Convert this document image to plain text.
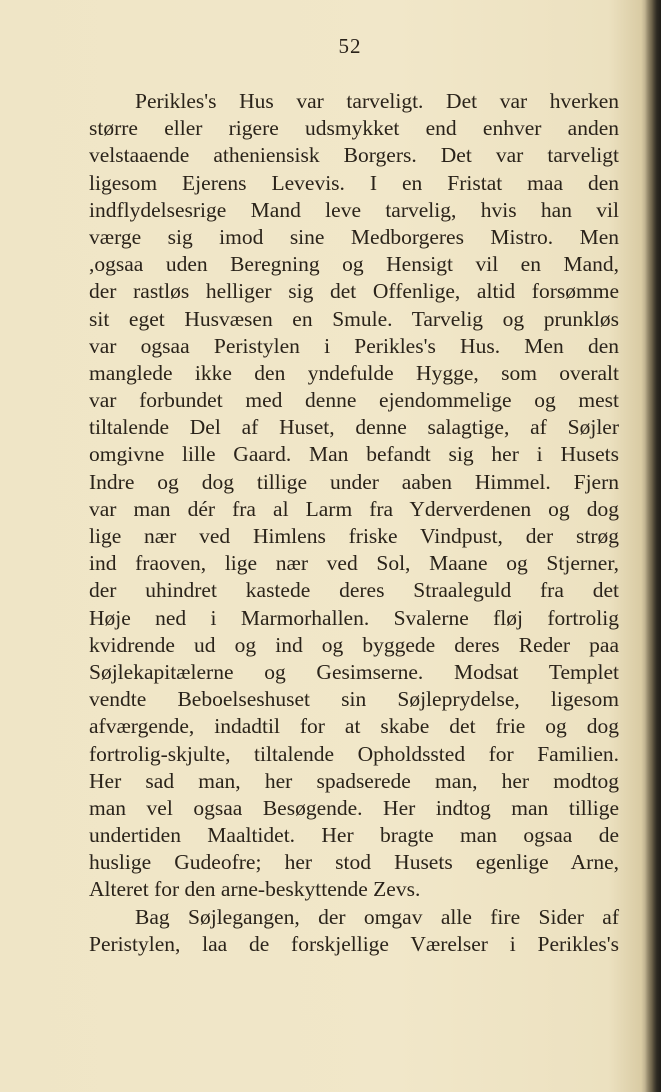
52
Perikles's Hus var tarveligt. Det var hverken
større eller rigere udsmykket end enhver anden
velstaaende atheniensisk Borgers. Det var tarveligt
ligesom Ejerens Levevis. I en Fristat maa den
indflydelsesrige Mand leve tarvelig, hvis han vil
værge sig imod sine Medborgeres Mistro. Men
,ogsaa uden Beregning og Hensigt vil en Mand,
der rastløs helliger sig det Offenlige, altid forsømme
sit eget Husvæsen en Smule. Tarvelig og prunkløs
var ogsaa Peristylen i Perikles's Hus. Men den
manglede ikke den yndefulde Hygge, som overalt
var forbundet med denne ejendommelige og mest
tiltalende Del af Huset, denne salagtige, af Søjler
omgivne lille Gaard. Man befandt sig her i Husets
Indre og dog tillige under aaben Himmel. Fjern
var man dér fra al Larm fra Yderverdenen og dog
lige nær ved Himlens friske Vindpust, der strøg
ind fraoven, lige nær ved Sol, Maane og Stjerner,
der uhindret kastede deres Straaleguld fra det
Høje ned i Marmorhallen. Svalerne fløj fortrolig
kvidrende ud og ind og byggede deres Reder paa
Søjlekapitælerne og Gesimserne. Modsat Templet
vendte Beboelseshuset sin Søjleprydelse, ligesom
afværgende, indadtil for at skabe det frie og dog
fortrolig-skjulte, tiltalende Opholdssted for Familien.
Her sad man, her spadserede man, her modtog
man vel ogsaa Besøgende. Her indtog man tillige
undertiden Maaltidet. Her bragte man ogsaa de
huslige Gudeofre; her stod Husets egenlige Arne,
Alteret for den arne-beskyttende Zevs.
Bag Søjlegangen, der omgav alle fire Sider af
Peristylen, laa de forskjellige Værelser i Perikles's
